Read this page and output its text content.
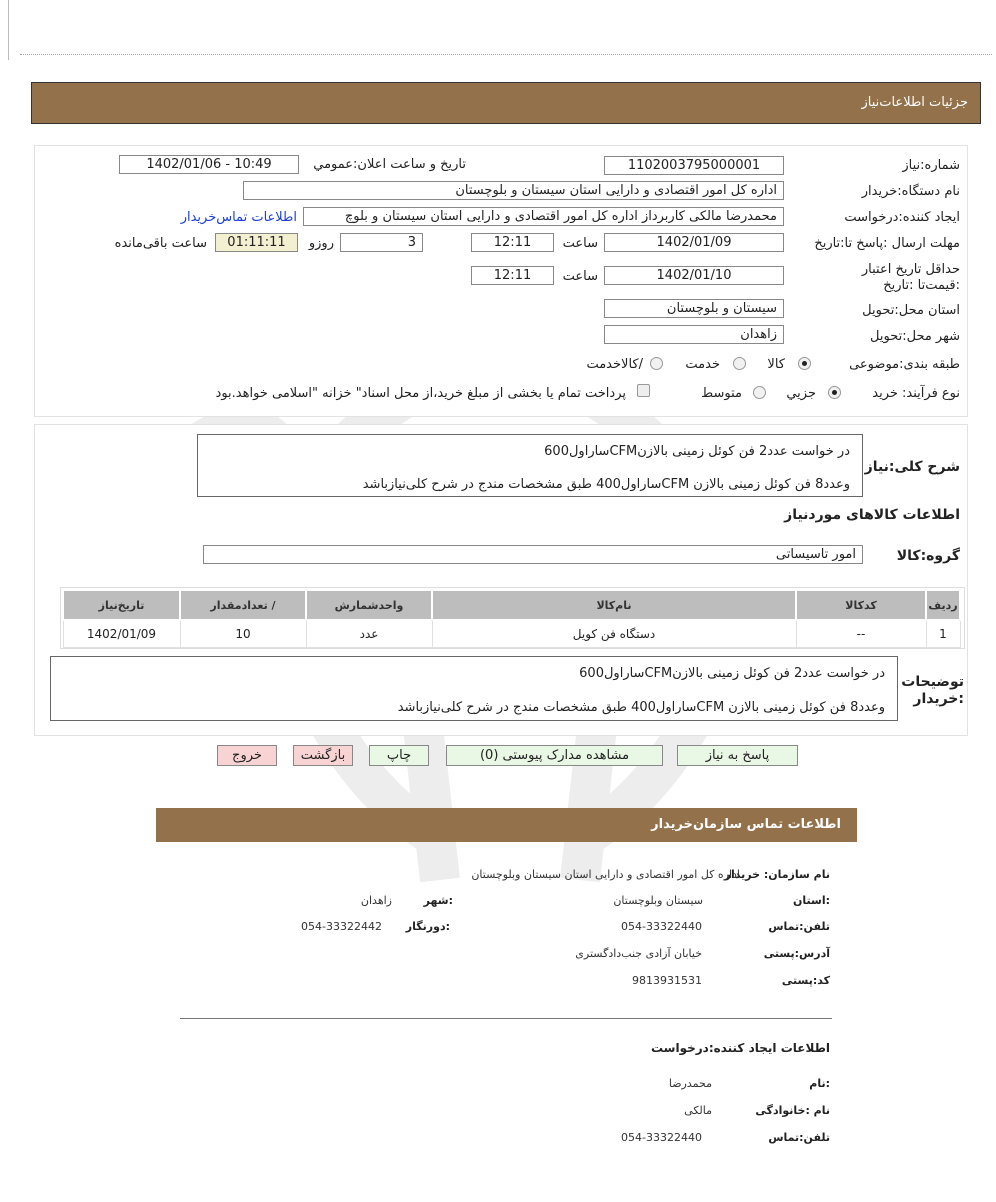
جزئیات اطلاعات‌نیاز
شماره:نیاز
1102003795000001
تاریخ و ساعت اعلان:عمومي
1402/01/06 - 10:49
نام دستگاه:خریدار
اداره کل امور اقتصادی و دارایی استان سیستان و بلوچستان
ایجاد کننده:درخواست
محمدرضا مالکی کاربرداز اداره کل امور اقتصادی و دارایی استان سیستان و بلوچ
اطلاعات تماس‌خریدار
مهلت ارسال :پاسخ تا:تاریخ
1402/01/09
ساعت
12:11
3
روزو
01:11:11
ساعت باقی‌مانده
حداقل تاریخ اعتبار :قیمت‌تا :تاریخ
1402/01/10
ساعت
12:11
استان محل:تحویل
سیستان و بلوچستان
شهر محل:تحویل
زاهدان
طبقه بندی:موضوعی
کالا
خدمت
/کالاخدمت
نوع فرآیند: خرید
جزیي
متوسط
پرداخت تمام یا بخشی از مبلغ خرید،از محل اسناد" خزانه "اسلامی خواهد.بود
شرح کلی:نیاز
در خواست عدد2 فن کوئل زمینی بالازنCFMساراول600
وعدد8 فن کوئل زمینی بالازن CFMساراول400 طبق مشخصات مندج در شرح کلی‌نیازباشد
اطلاعات کالاهای مورد‌نیاز
گروه:کالا
امور تاسیساتی
ردیف	کدکالا	نام‌کالا	واحدشمارش	/ تعدادمقدار	تاریخ‌نیاز
1	--	دستگاه فن کویل	عدد	10	1402/01/09
توضیحات :خریدار
در خواست عدد2 فن کوئل زمینی بالازنCFMساراول600
وعدد8 فن کوئل زمینی بالازن CFMساراول400 طبق مشخصات مندج در شرح کلی‌نیازباشد
پاسخ به نیاز
مشاهده مدارک پیوستی (0)
چاپ
بازگشت
خروج
اطلاعات تماس سازمان‌خریدار
نام سازمان: خریدار
اداره کل امور اقتصادی و دارایی استان سیستان وبلوچستان
:استان
سیستان وبلوچستان
:شهر
زاهدان
تلفن:تماس
054-33322440
:دورنگار
054-33322442
آدرس:پستی
خیابان آزادی جنب‌دادگستری
کد:پستی
9813931531
اطلاعات ایجاد کننده:درخواست
:نام
محمدرضا
نام :خانوادگی
مالکی
تلفن:تماس
054-33322440
